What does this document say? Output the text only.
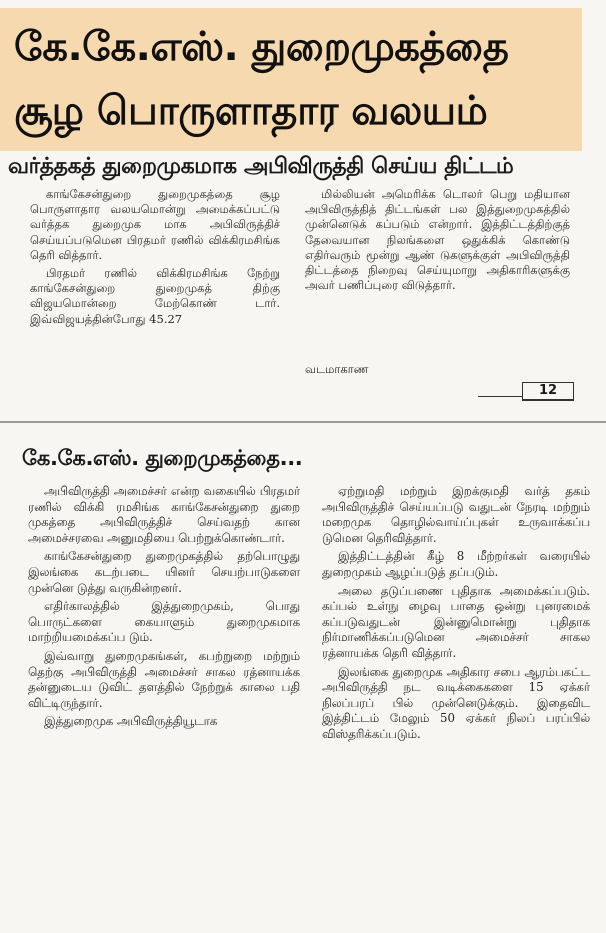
கே.கே.எஸ். துறைமுகத்தை
சூழ பொருளாதார வலயம்
வர்த்தகத் துறைமுகமாக அபிவிருத்தி செய்ய திட்டம்

காங்கேசன்துறை துறைமுகத்தை சூழ பொருளாதார வலயமொன்று அமைக்கப்பட்டு வர்த்தக துறைமுக மாக அபிவிருத்திச் செய்யப்படுமென பிரதமர் ரணில் விக்கிரமசிங்க தெரி வித்தார்.

பிரதமர் ரணில் விக்கிரமசிங்க நேற்று காங்கேசன்துறை துறைமுகத் திற்கு விஜயமொன்றை மேற்கொண் டார். இவ்விஜயத்தின்போது 45.27

மில்லியன் அமெரிக்க டொலர் பெறு மதியான அபிவிருத்தித் திட்டங்கள் பல இத்துறைமுகத்தில் முன்னெடுக் கப்படும் என்றார். இத்திட்டத்திற்குத் தேவையான நிலங்களை ஒதுக்கிக் கொண்டு எதிர்வரும் மூன்று ஆண் டுகளுக்குள் அபிவிருத்தி திட்டத்தை நிறைவு செய்யுமாறு அதிகாரிகளுக்கு அவர் பணிப்புரை விடுத்தார்.

வடமாகாண
12
கே.கே.எஸ். துறைமுகத்தை...

அபிவிருத்தி அமைச்சர் என்ற வகையில் பிரதமர் ரணில் விக்கி ரமசிங்க காங்கேசன்துறை துறை முகத்தை அபிவிருத்திச் செய்வதற் கான அமைச்சரவை அனுமதியை பெற்றுக்கொண்டார்.

காங்கேசன்துறை துறைமுகத்தில் தற்பொழுது இலங்கை கடற்படை யினர் செயற்பாடுகளை முன்னெ டுத்து வருகின்றனர்.

எதிர்காலத்தில் இத்துறைமுகம், பொது பொருட்களை கையாளும் துறைமுகமாக மாற்றியமைக்கப்ப டும்.

இவ்வாறு துறைமுகங்கள், கபற்றுறை மற்றும் தெற்கு அபிவிருத்தி அமைச்சர் சாகல ரத்னாயக்க தன்னுடைய டுவிட் தளத்தில் நேற்றுக் காலை பதி விட்டிருந்தார்.

இத்துறைமுக அபிவிருத்தியூடாக

ஏற்றுமதி மற்றும் இறக்குமதி வர்த் தகம் அபிவிருத்திச் செய்யப்படு வதுடன் நேரடி மற்றும் மறைமுக தொழில்வாய்ப்புகள் உருவாக்கப்ப டுமென தெரிவித்தார்.

இத்திட்டத்தின் கீழ் 8 மீற்றர்கள் வரையில் துறைமுகம் ஆழப்படுத் தப்படும்.

அலை தடுப்பணை புதிதாக அமைக்கப்படும். கப்பல் உள்நு ழைவு பாதை ஒன்று புனரமைக் கப்படுவதுடன் இன்னுமொன்று புதிதாக நிர்மாணிக்கப்படுமென அமைச்சர் சாகல ரத்னாயக்க தெரி வித்தார்.

இலங்கை துறைமுக அதிகார சபை ஆரம்பகட்ட அபிவிருத்தி நட வடிக்கைகளை 15 ஏக்கர் நிலப்பரப் பில் முன்னெடுக்கும். இதைவிட இத்திட்டம் மேலும் 50 ஏக்கர் நிலப் பரப்பில் விஸ்தரிக்கப்படும்.
